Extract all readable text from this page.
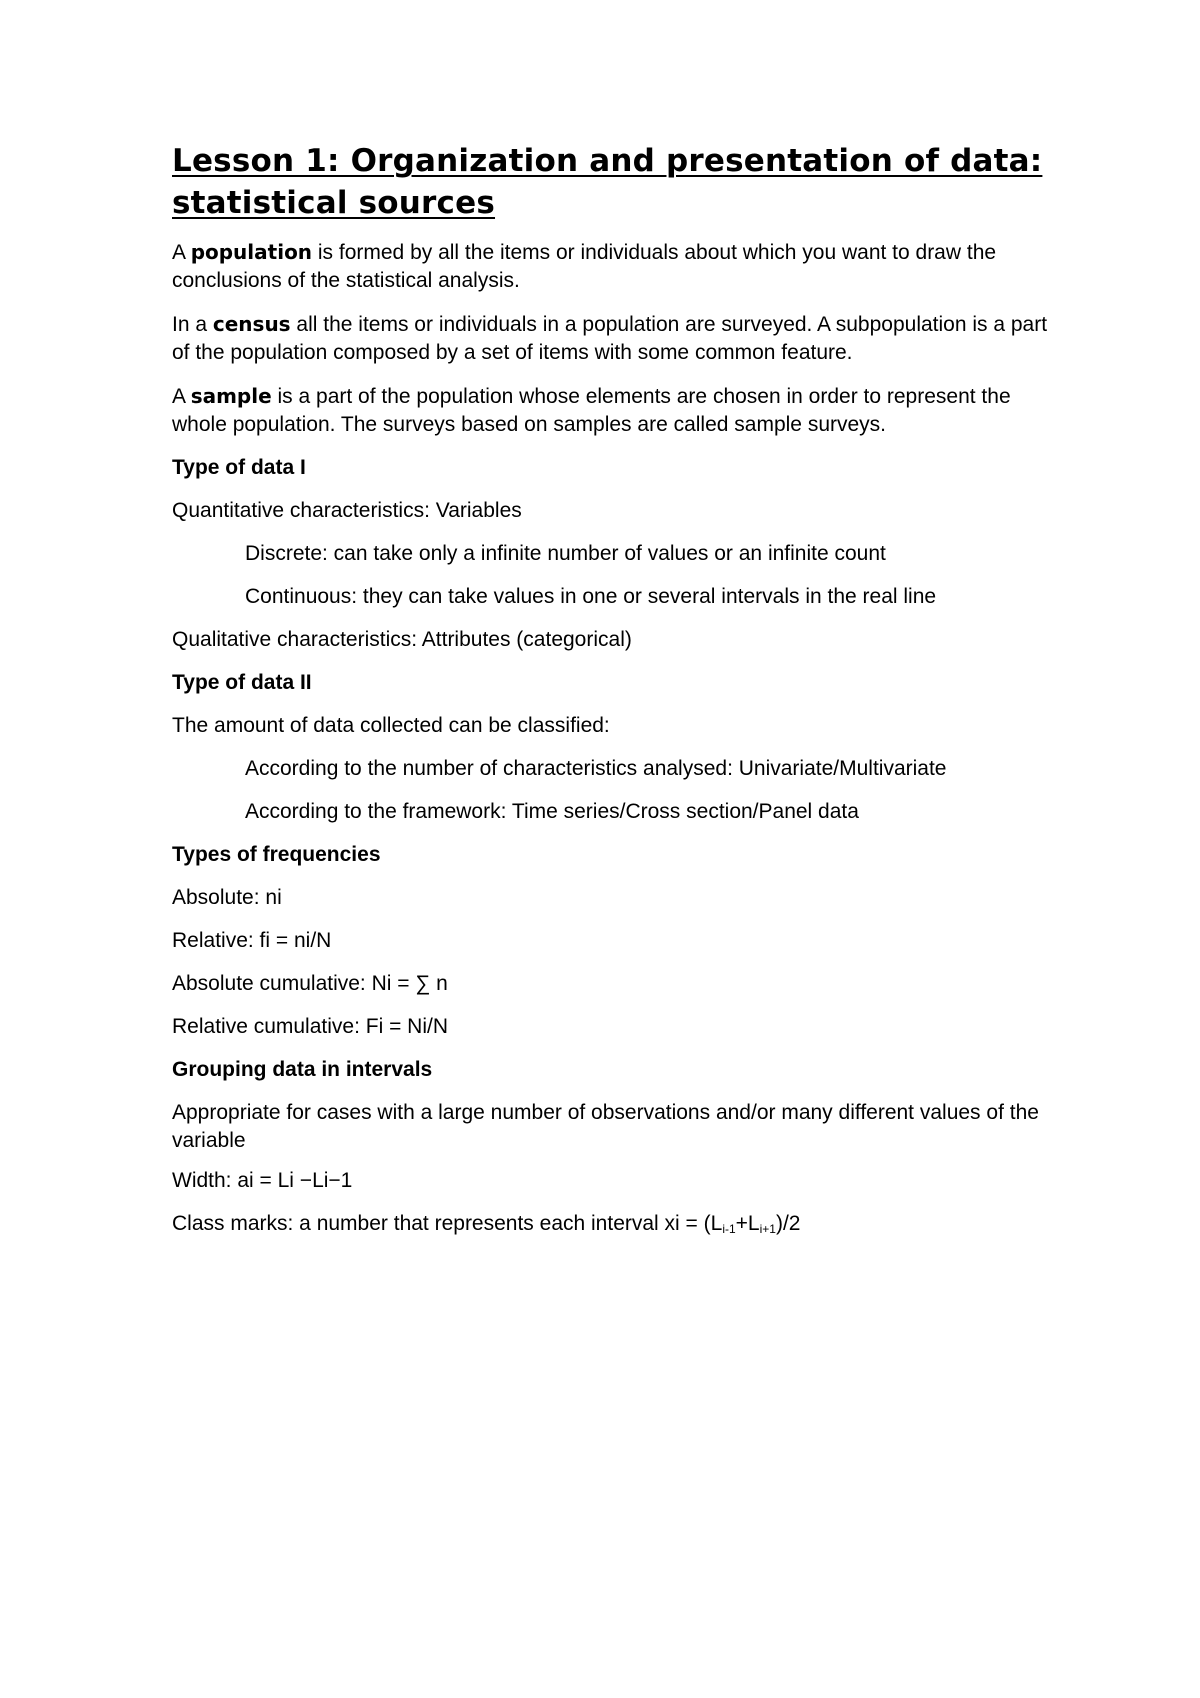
Lesson 1: Organization and presentation of data: statistical sources

A population is formed by all the items or individuals about which you want to draw the conclusions of the statistical analysis.

In a census all the items or individuals in a population are surveyed. A subpopulation is a part of the population composed by a set of items with some common feature.

A sample is a part of the population whose elements are chosen in order to represent the whole population. The surveys based on samples are called sample surveys.

Type of data I

Quantitative characteristics: Variables

Discrete: can take only a infinite number of values or an infinite count

Continuous: they can take values in one or several intervals in the real line

Qualitative characteristics: Attributes (categorical)

Type of data II

The amount of data collected can be classified:

According to the number of characteristics analysed: Univariate/Multivariate

According to the framework: Time series/Cross section/Panel data

Types of frequencies

Absolute: ni

Relative: fi = ni/N

Absolute cumulative: Ni = ∑ n

Relative cumulative: Fi = Ni/N

Grouping data in intervals

Appropriate for cases with a large number of observations and/or many different values of the variable

Width: ai = Li −Li−1

Class marks: a number that represents each interval xi = $(L_{i-1}+L_{i+1})/2$
